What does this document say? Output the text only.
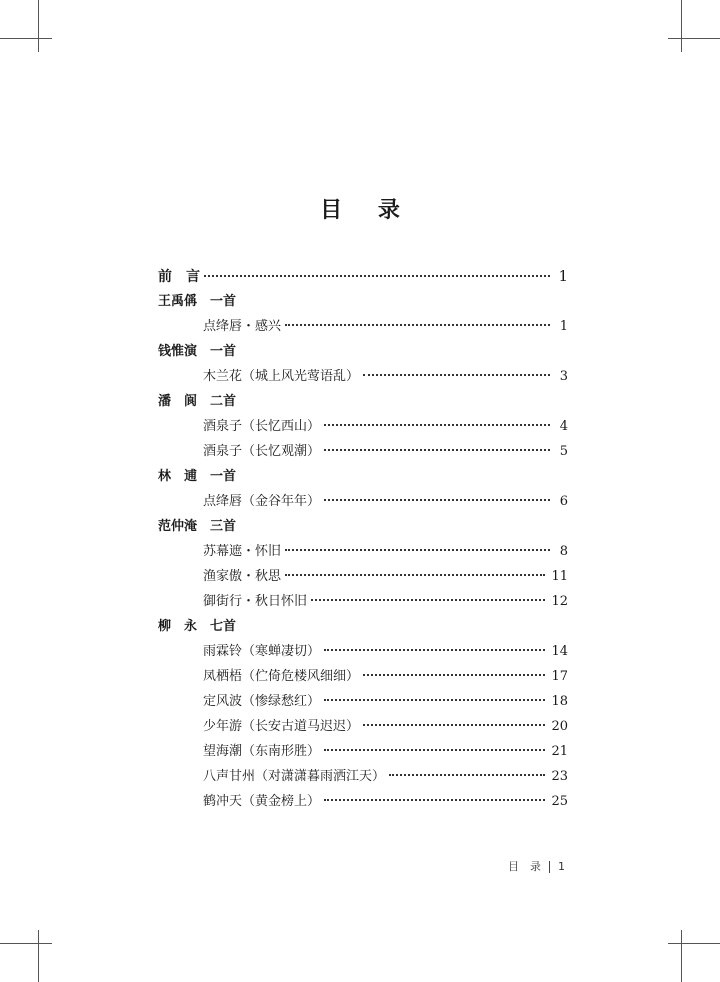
目 录
前　言	1
王禹偁　一首
点绛唇・感兴	1
钱惟演　一首
木兰花（城上风光莺语乱）	3
潘　阆　二首
酒泉子（长忆西山）	4
酒泉子（长忆观潮）	5
林　逋　一首
点绛唇（金谷年年）	6
范仲淹　三首
苏幕遮・怀旧	8
渔家傲・秋思	11
御街行・秋日怀旧	12
柳　永　七首
雨霖铃（寒蝉凄切）	14
凤栖梧（伫倚危楼风细细）	17
定风波（惨绿愁红）	18
少年游（长安古道马迟迟）	20
望海潮（东南形胜）	21
八声甘州（对潇潇暮雨洒江天）	23
鹤冲天（黄金榜上）	25
目　录 1
